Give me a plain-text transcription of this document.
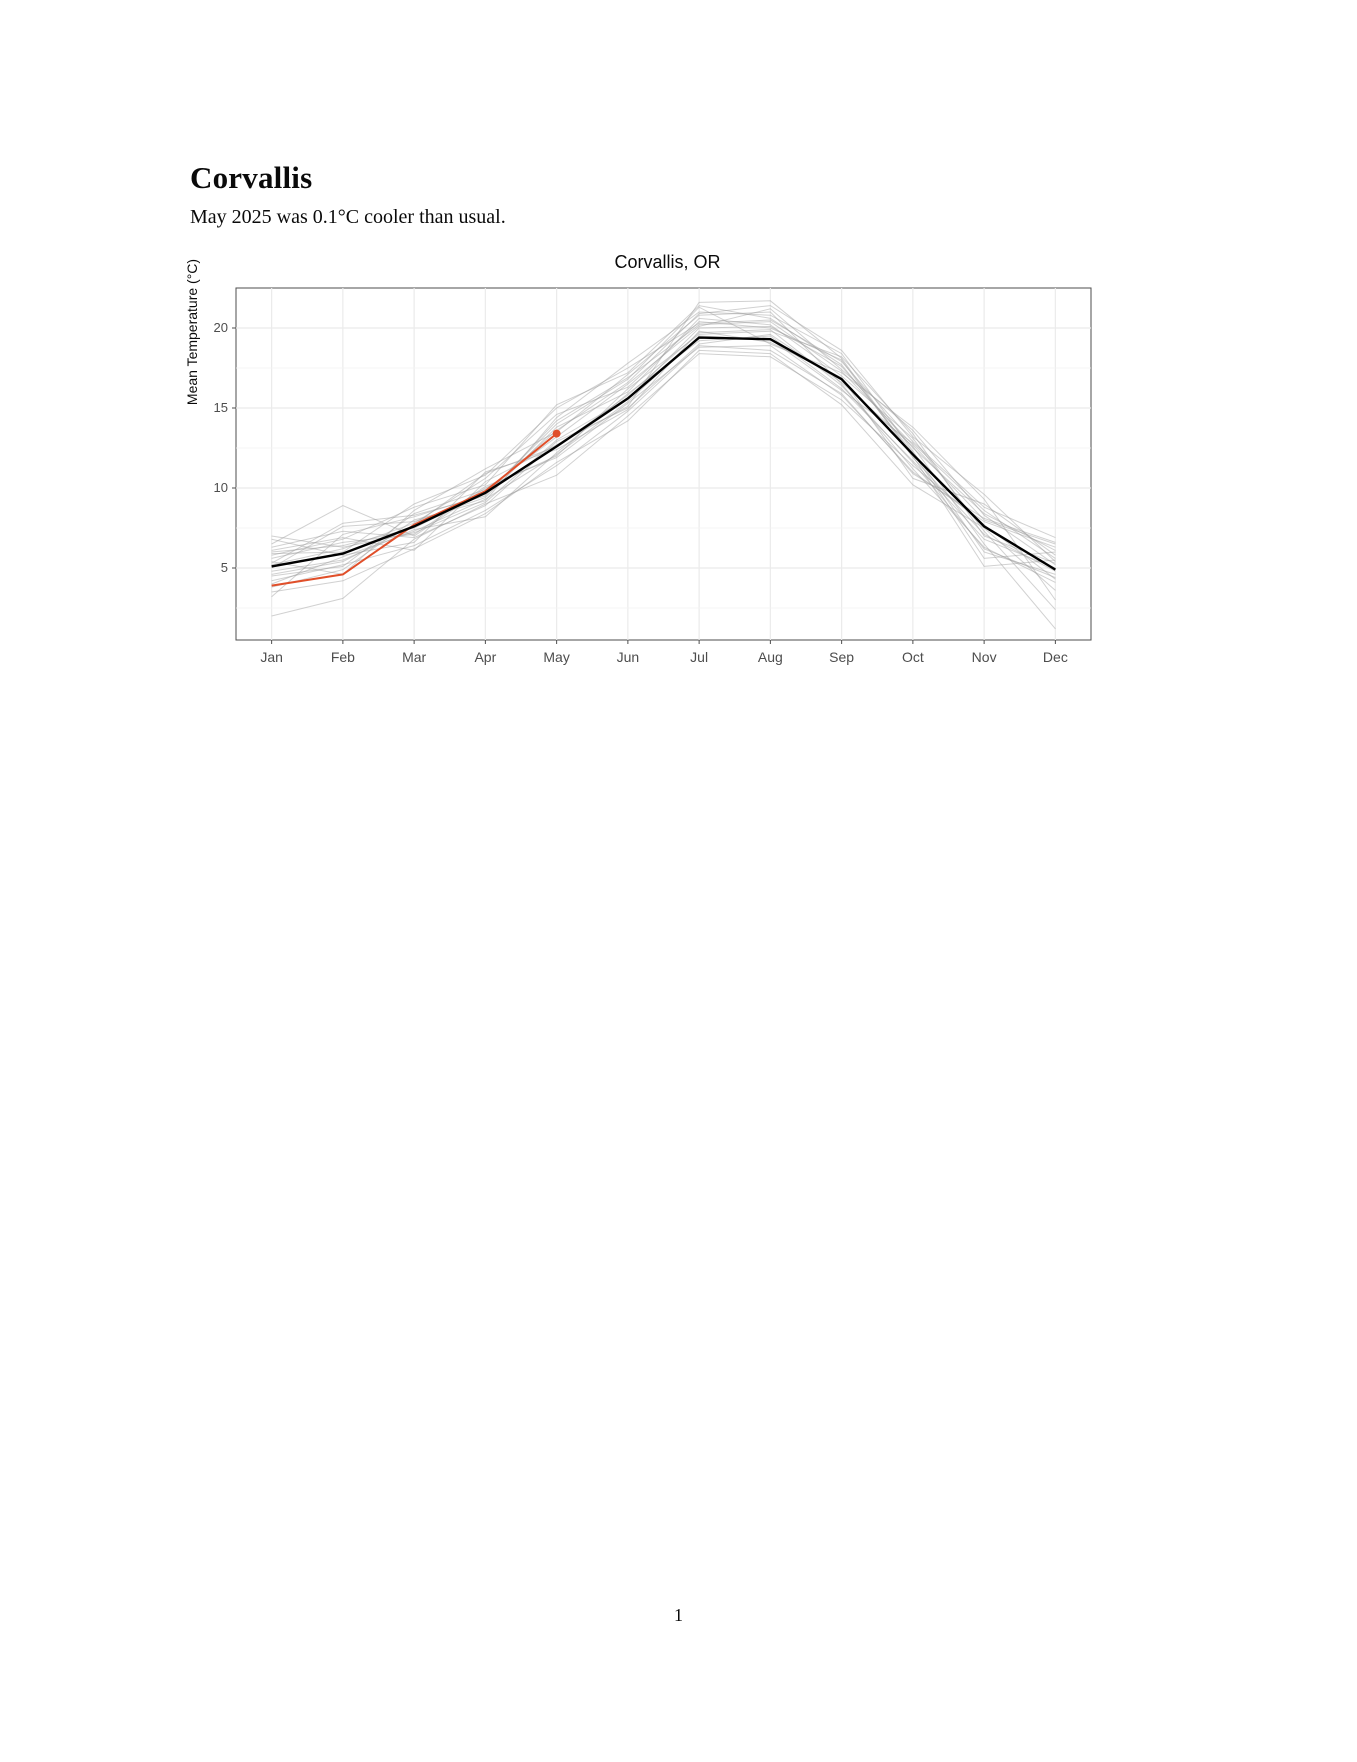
Corvallis
May 2025 was 0.1°C cooler than usual.
Corvallis, OR
Mean Temperature (°C)
5
10
15
20
Jan	Feb	Mar	Apr	May	Jun	Jul	Aug	Sep	Oct	Nov	Dec
1
